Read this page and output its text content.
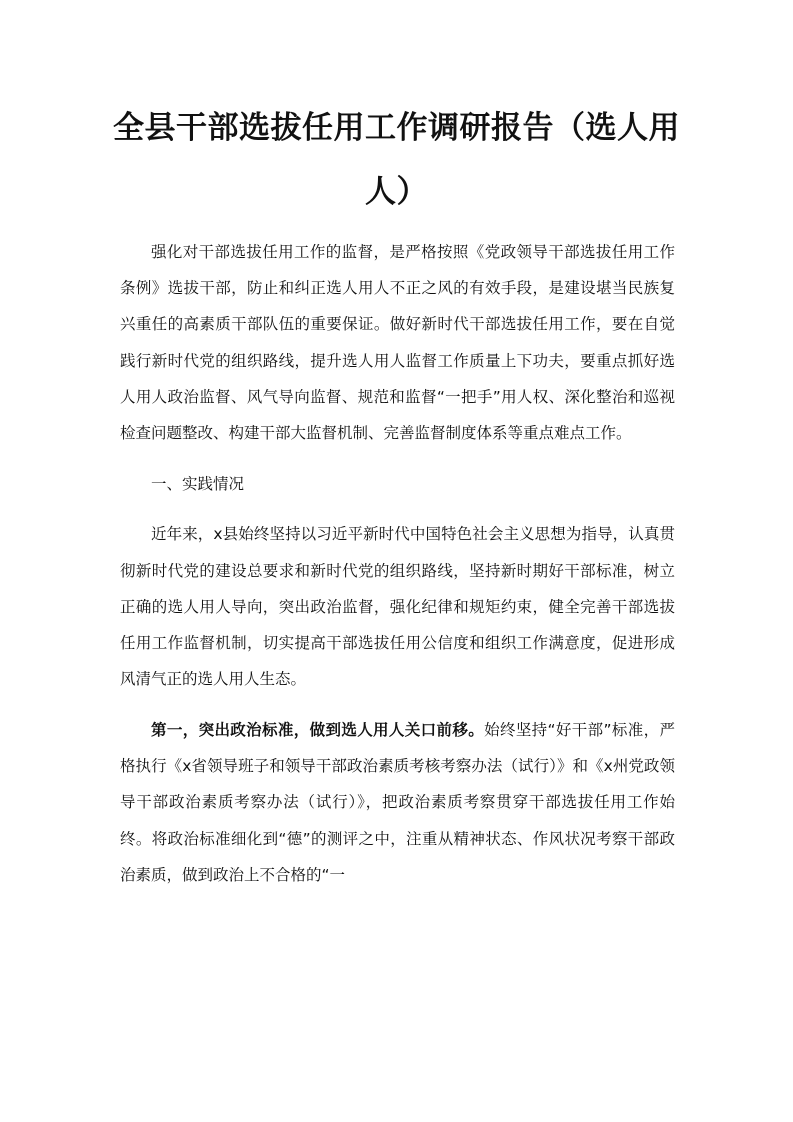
全县干部选拔任用工作调研报告（选人用人）

强化对干部选拔任用工作的监督，是严格按照《党政领导干部选拔任用工作条例》选拔干部，防止和纠正选人用人不正之风的有效手段，是建设堪当民族复兴重任的高素质干部队伍的重要保证。做好新时代干部选拔任用工作，要在自觉践行新时代党的组织路线，提升选人用人监督工作质量上下功夫，要重点抓好选人用人政治监督、风气导向监督、规范和监督“一把手”用人权、深化整治和巡视检查问题整改、构建干部大监督机制、完善监督制度体系等重点难点工作。

一、实践情况

近年来，x县始终坚持以习近平新时代中国特色社会主义思想为指导，认真贯彻新时代党的建设总要求和新时代党的组织路线，坚持新时期好干部标准，树立正确的选人用人导向，突出政治监督，强化纪律和规矩约束，健全完善干部选拔任用工作监督机制，切实提高干部选拔任用公信度和组织工作满意度，促进形成风清气正的选人用人生态。

第一，突出政治标准，做到选人用人关口前移。始终坚持“好干部”标准，严格执行《x省领导班子和领导干部政治素质考核考察办法（试行）》和《x州党政领导干部政治素质考察办法（试行）》，把政治素质考察贯穿干部选拔任用工作始终。将政治标准细化到“德”的测评之中，注重从精神状态、作风状况考察干部政治素质，做到政治上不合格的“一
